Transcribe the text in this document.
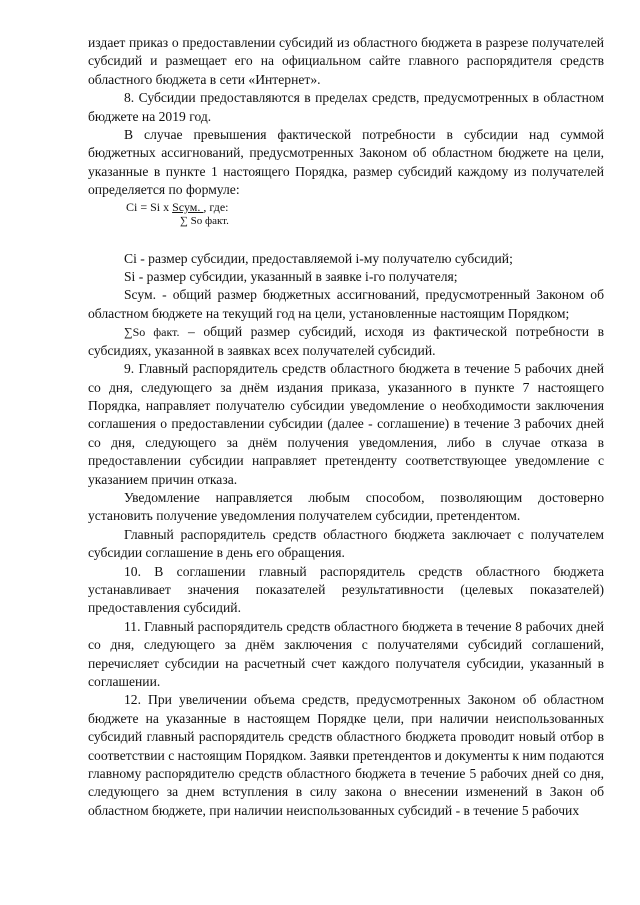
издает приказ о предоставлении субсидий из областного бюджета в разрезе получателей субсидий и размещает его на официальном сайте главного распорядителя средств областного бюджета в сети «Интернет».

8. Субсидии предоставляются в пределах средств, предусмотренных в областном бюджете на 2019 год.

В случае превышения фактической потребности в субсидии над суммой бюджетных ассигнований, предусмотренных Законом об областном бюджете на цели, указанные в пункте 1 настоящего Порядка, размер субсидий каждому из получателей определяется по формуле:

Ci = Si x Sсум. , где:
∑ So факт.

Ci - размер субсидии, предоставляемой i-му получателю субсидий;

Si - размер субсидии, указанный в заявке i-го получателя;

Sсум. - общий размер бюджетных ассигнований, предусмотренный Законом об областном бюджете на текущий год на цели, установленные настоящим Порядком;

∑So факт. – общий размер субсидий, исходя из фактической потребности в субсидиях, указанной в заявках всех получателей субсидий.

9. Главный распорядитель средств областного бюджета в течение 5 рабочих дней со дня, следующего за днём издания приказа, указанного в пункте 7 настоящего Порядка, направляет получателю субсидии уведомление о необходимости заключения соглашения о предоставлении субсидии (далее - соглашение) в течение 3 рабочих дней со дня, следующего за днём получения уведомления, либо в случае отказа в предоставлении субсидии направляет претенденту соответствующее уведомление с указанием причин отказа.

Уведомление направляется любым способом, позволяющим достоверно установить получение уведомления получателем субсидии, претендентом.

Главный распорядитель средств областного бюджета заключает с получателем субсидии соглашение в день его обращения.

10. В соглашении главный распорядитель средств областного бюджета устанавливает значения показателей результативности (целевых показателей) предоставления субсидий.

11. Главный распорядитель средств областного бюджета в течение 8 рабочих дней со дня, следующего за днём заключения с получателями субсидий соглашений, перечисляет субсидии на расчетный счет каждого получателя субсидии, указанный в соглашении.

12. При увеличении объема средств, предусмотренных Законом об областном бюджете на указанные в настоящем Порядке цели, при наличии неиспользованных субсидий главный распорядитель средств областного бюджета проводит новый отбор в соответствии с настоящим Порядком. Заявки претендентов и документы к ним подаются главному распорядителю средств областного бюджета в течение 5 рабочих дней со дня, следующего за днем вступления в силу закона о внесении изменений в Закон об областном бюджете, при наличии неиспользованных субсидий - в течение 5 рабочих
